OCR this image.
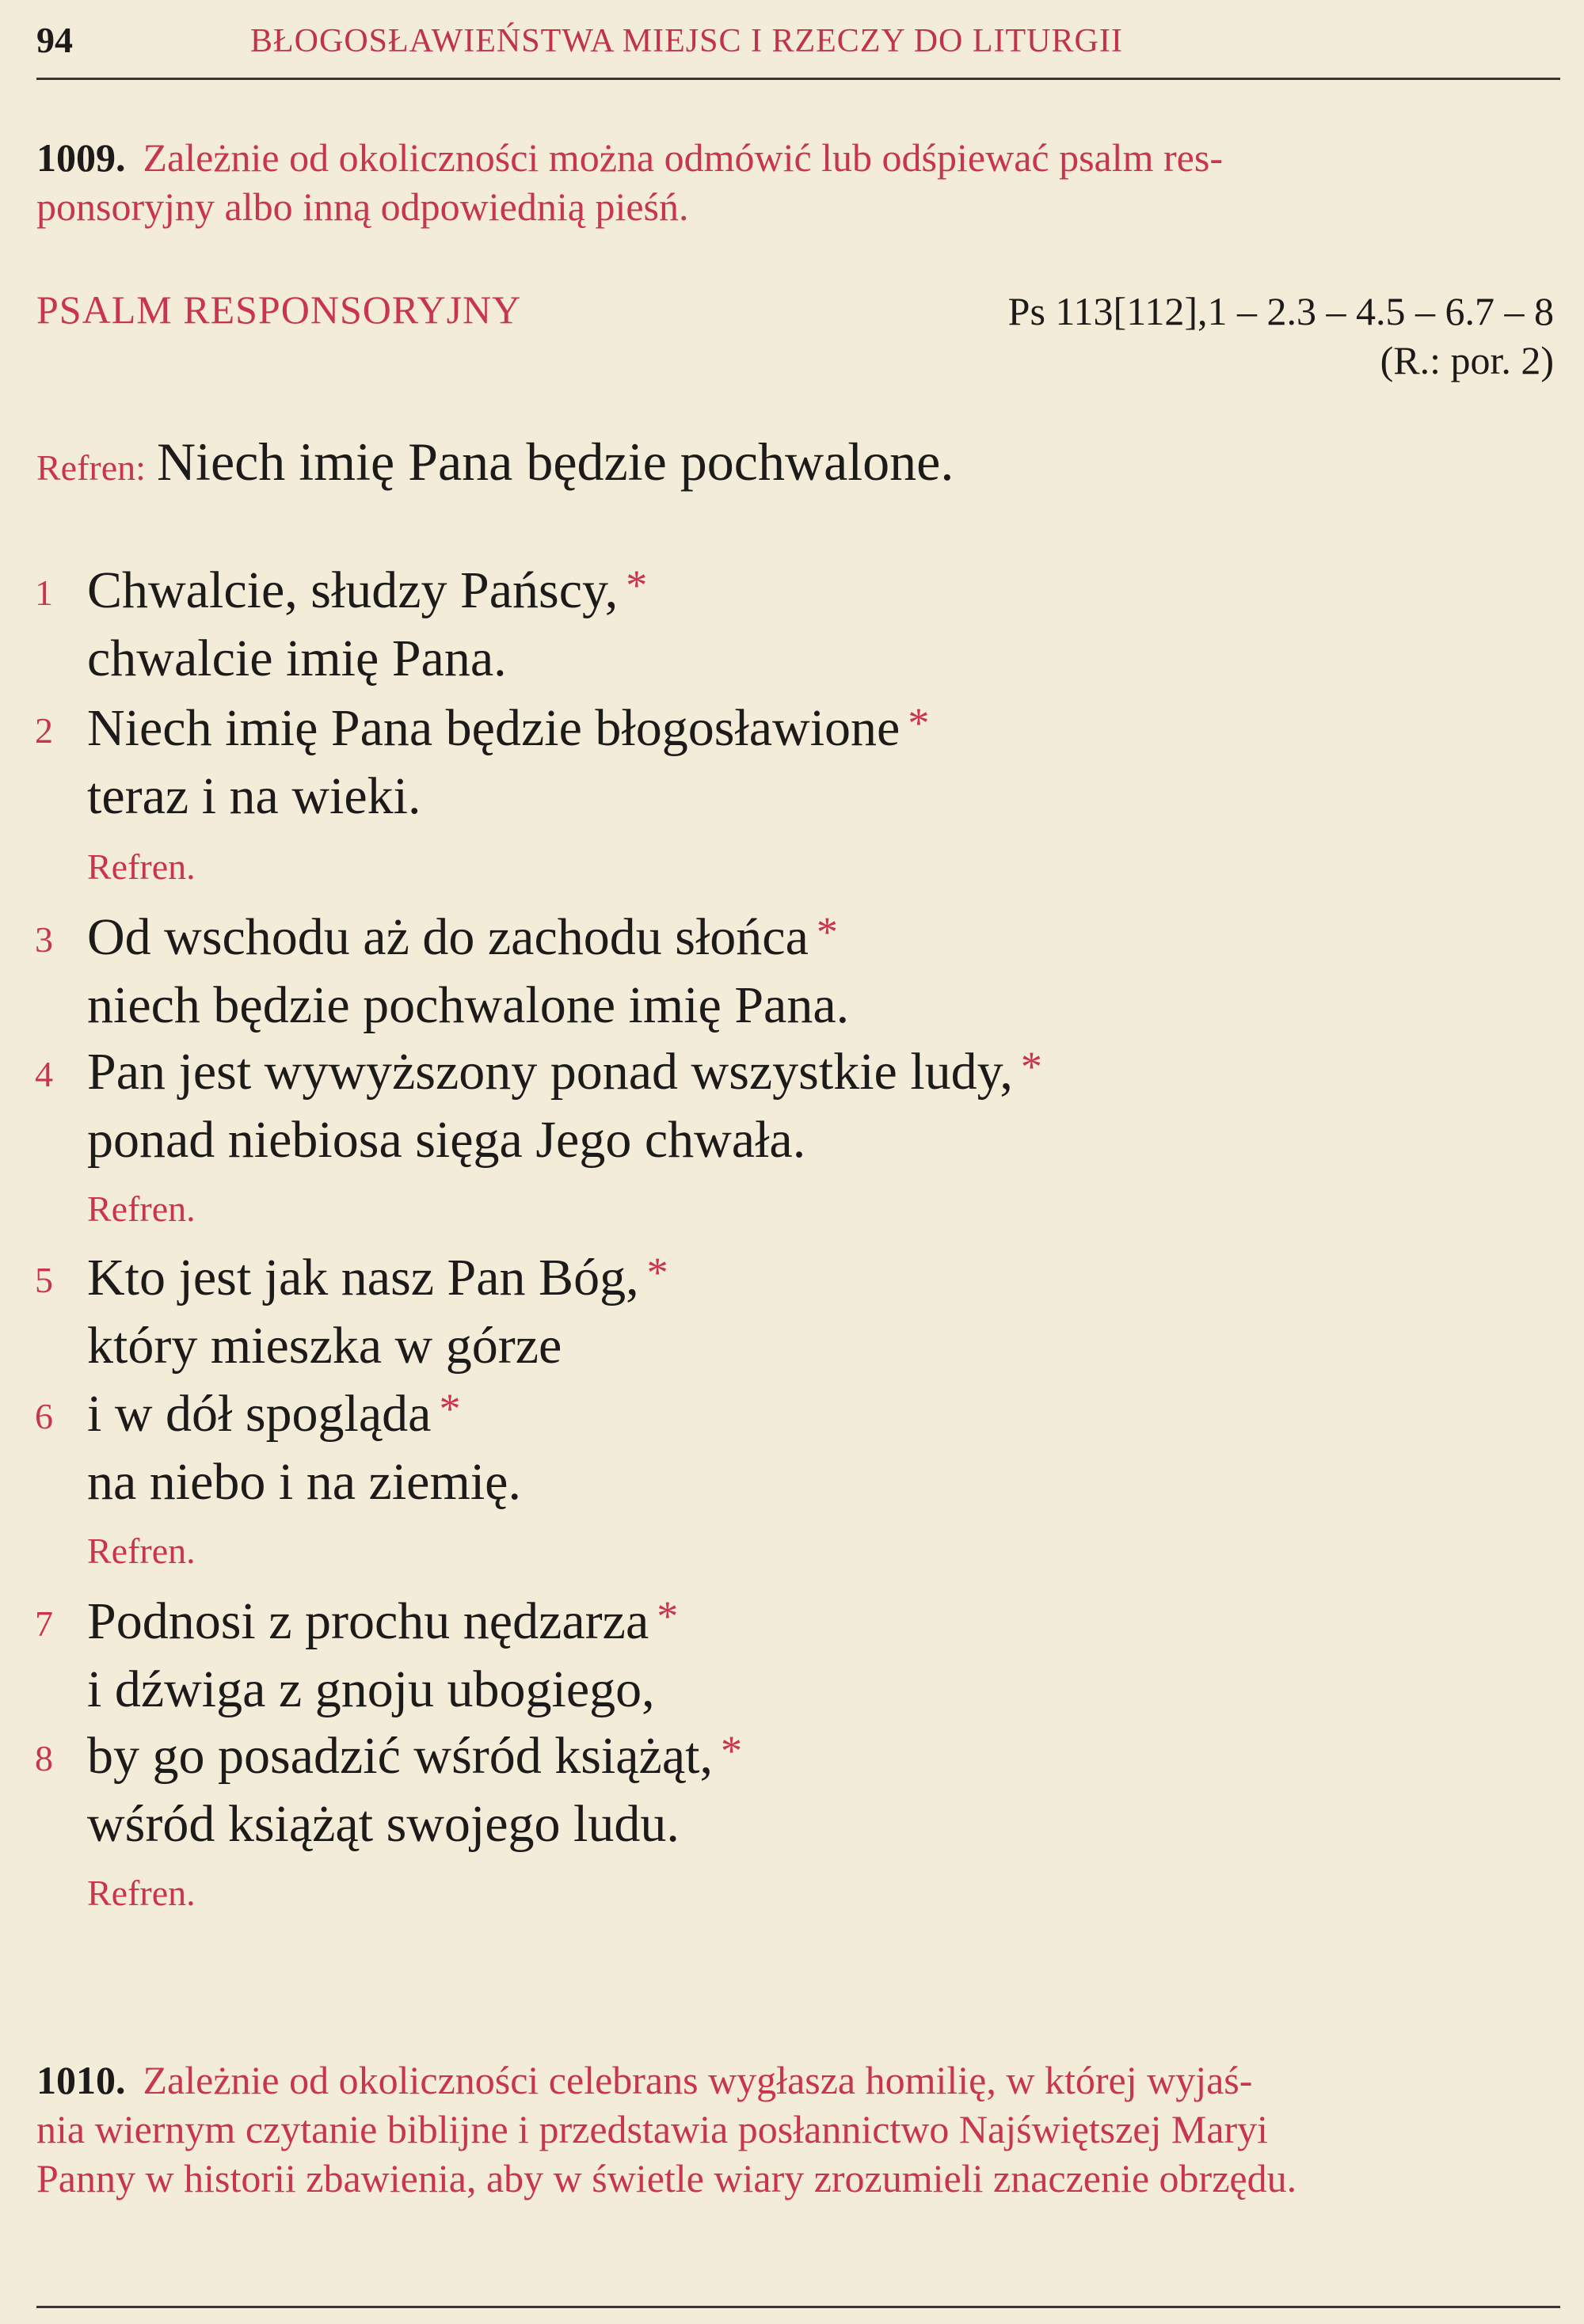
94	BŁOGOSŁAWIEŃSTWA MIEJSC I RZECZY DO LITURGII
1009. Zależnie od okoliczności można odmówić lub odśpiewać psalm res-
ponsoryjny albo inną odpowiednią pieśń.
PSALM RESPONSORYJNY	Ps 113[112],1 – 2.3 – 4.5 – 6.7 – 8
(R.: por. 2)
Refren: Niech imię Pana będzie pochwalone.
1 Chwalcie, słudzy Pańscy, *
chwalcie imię Pana.
2 Niech imię Pana będzie błogosławione *
teraz i na wieki.
Refren.
3 Od wschodu aż do zachodu słońca *
niech będzie pochwalone imię Pana.
4 Pan jest wywyższony ponad wszystkie ludy, *
ponad niebiosa sięga Jego chwała.
Refren.
5 Kto jest jak nasz Pan Bóg, *
który mieszka w górze
6 i w dół spogląda *
na niebo i na ziemię.
Refren.
7 Podnosi z prochu nędzarza *
i dźwiga z gnoju ubogiego,
8 by go posadzić wśród książąt, *
wśród książąt swojego ludu.
Refren.
1010. Zależnie od okoliczności celebrans wygłasza homilię, w której wyjaś-
nia wiernym czytanie biblijne i przedstawia posłannictwo Najświętszej Maryi
Panny w historii zbawienia, aby w świetle wiary zrozumieli znaczenie obrzędu.
